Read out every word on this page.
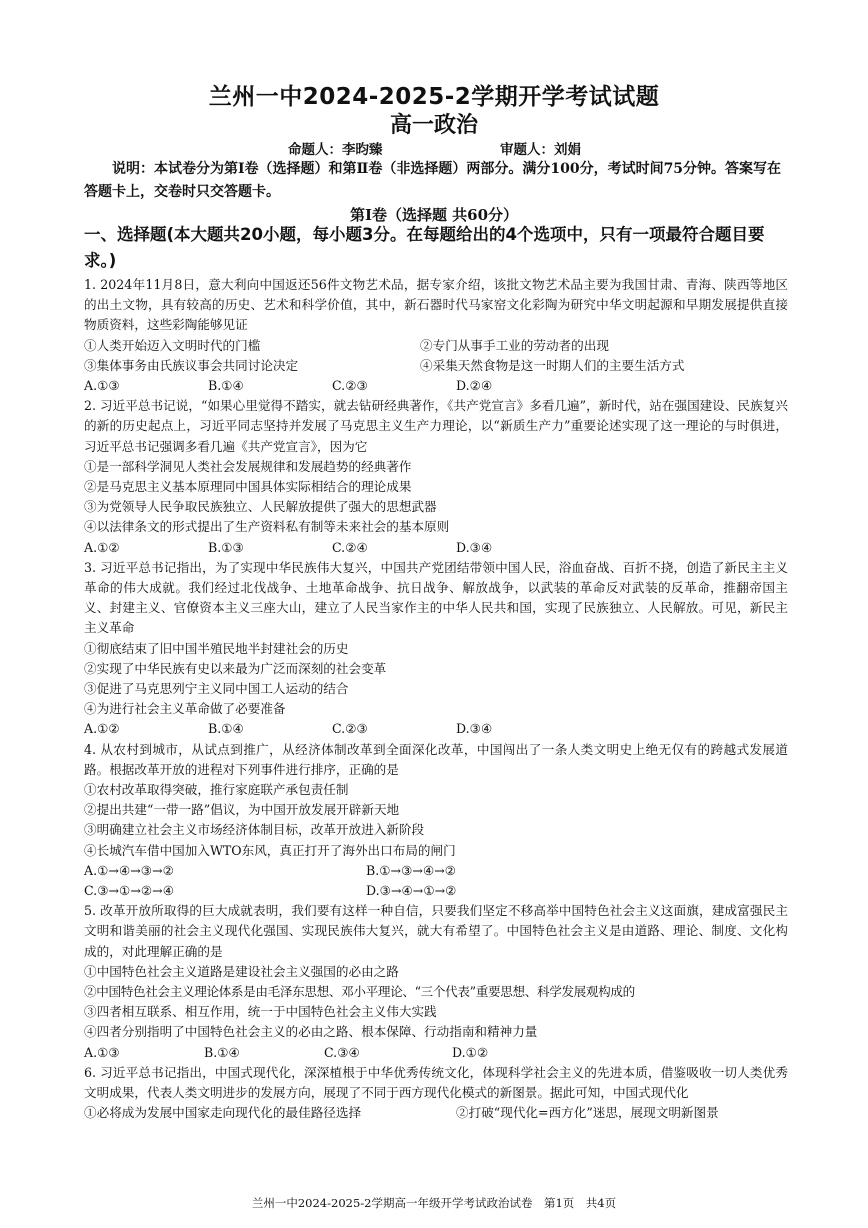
兰州一中2024-2025-2学期开学考试试题
高一政治
命题人：李昀臻	审题人：刘娟
说明：本试卷分为第Ⅰ卷（选择题）和第Ⅱ卷（非选择题）两部分。满分100分，考试时间75分钟。答案写在答题卡上，交卷时只交答题卡。
第Ⅰ卷（选择题 共60分）
一、选择题(本大题共20小题，每小题3分。在每题给出的4个选项中，只有一项最符合题目要求。)

1. 2024年11月8日，意大利向中国返还56件文物艺术品，据专家介绍，该批文物艺术品主要为我国甘肃、青海、陕西等地区的出土文物，具有较高的历史、艺术和科学价值，其中，新石器时代马家窑文化彩陶为研究中华文明起源和早期发展提供直接物质资料，这些彩陶能够见证

①人类开始迈入文明时代的门槛	②专门从事手工业的劳动者的出现
③集体事务由氏族议事会共同讨论决定	④采集天然食物是这一时期人们的主要生活方式
A.①③	B.①④	C.②③	D.②④

2. 习近平总书记说，“如果心里觉得不踏实，就去钻研经典著作，《共产党宣言》多看几遍”，新时代，站在强国建设、民族复兴的新的历史起点上，习近平同志坚持并发展了马克思主义生产力理论，以“新质生产力”重要论述实现了这一理论的与时俱进，习近平总书记强调多看几遍《共产党宣言》，因为它

①是一部科学洞见人类社会发展规律和发展趋势的经典著作

②是马克思主义基本原理同中国具体实际相结合的理论成果

③为党领导人民争取民族独立、人民解放提供了强大的思想武器

④以法律条文的形式提出了生产资料私有制等未来社会的基本原则

A.①②	B.①③	C.②④	D.③④

3. 习近平总书记指出，为了实现中华民族伟大复兴，中国共产党团结带领中国人民，浴血奋战、百折不挠，创造了新民主主义革命的伟大成就。我们经过北伐战争、土地革命战争、抗日战争、解放战争，以武装的革命反对武装的反革命，推翻帝国主义、封建主义、官僚资本主义三座大山，建立了人民当家作主的中华人民共和国，实现了民族独立、人民解放。可见，新民主主义革命

①彻底结束了旧中国半殖民地半封建社会的历史

②实现了中华民族有史以来最为广泛而深刻的社会变革

③促进了马克思列宁主义同中国工人运动的结合

④为进行社会主义革命做了必要准备

A.①②	B.①④	C.②③	D.③④

4. 从农村到城市，从试点到推广，从经济体制改革到全面深化改革，中国闯出了一条人类文明史上绝无仅有的跨越式发展道路。根据改革开放的进程对下列事件进行排序，正确的是

①农村改革取得突破，推行家庭联产承包责任制

②提出共建“一带一路”倡议，为中国开放发展开辟新天地

③明确建立社会主义市场经济体制目标，改革开放进入新阶段

④长城汽车借中国加入WTO东风，真正打开了海外出口布局的闸门

A.①→④→③→②	B.①→③→④→②
C.③→①→②→④	D.③→④→①→②

5. 改革开放所取得的巨大成就表明，我们要有这样一种自信，只要我们坚定不移高举中国特色社会主义这面旗，建成富强民主文明和谐美丽的社会主义现代化强国、实现民族伟大复兴，就大有希望了。中国特色社会主义是由道路、理论、制度、文化构成的，对此理解正确的是

①中国特色社会主义道路是建设社会主义强国的必由之路

②中国特色社会主义理论体系是由毛泽东思想、邓小平理论、“三个代表”重要思想、科学发展观构成的

③四者相互联系、相互作用，统一于中国特色社会主义伟大实践

④四者分别指明了中国特色社会主义的必由之路、根本保障、行动指南和精神力量

A.①③	B.①④	C.③④	D.①②

6. 习近平总书记指出，中国式现代化，深深植根于中华优秀传统文化，体现科学社会主义的先进本质，借鉴吸收一切人类优秀文明成果，代表人类文明进步的发展方向，展现了不同于西方现代化模式的新图景。据此可知，中国式现代化

①必将成为发展中国家走向现代化的最佳路径选择	②打破“现代化=西方化”迷思，展现文明新图景
兰州一中2024-2025-2学期高一年级开学考试政治试卷　第1页　共4页
